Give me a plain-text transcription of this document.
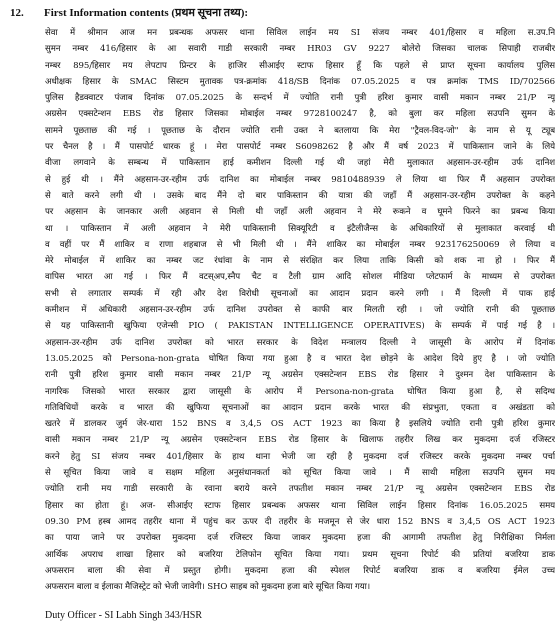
12.	First Information contents (प्रथम सूचना तथ्य):
सेवा में श्रीमान आज मन प्रबन्धक अफसर थाना सिविल लाईन मय SI संजय नम्बर 401/हिसार व महिला स.उप.नि
सुमन नम्बर 416/हिसार के आ सवारी गाडी सरकारी नम्बर HR03 GV 9227 बोलेरो जिसका चालक सिपाही राजबीर
नम्बर 895/हिसार मय लेपटाप प्रिन्टर के हाजिर सीआईए स्टाफ हिसार हूँ कि पहले से प्राप्त सूचना कार्यालय पुलिस
अधीक्षक हिसार के SMAC सिस्टम मुतावक पत्र-क्रमांक 418/SB दिनांक 07.05.2025 व पत्र क्रमांक TMS ID/702566
पुलिस हैडक्वाटर पंजाब दिनांक 07.05.2025 के सन्दर्भ में ज्योति रानी पुत्री हरिश कुमार वासी मकान नम्बर 21/P न्यू
अग्रसेन एक्सटेन्शन EBS रोड हिसार जिसका मोबाईल नम्बर 9728100247 है, को बुला कर महिला सउपनि सुमन के
सामने पूछताछ की गई । पूछताछ के दौरान ज्योति रानी उक्त ने बतलाया कि मेरा "ट्रैवल-विद-जो" के नाम से यू ट्यूब
पर चैनल है । मैं पासपोर्ट धारक हूं । मेरा पासपोर्ट नम्बर S6098262 है और मैं वर्ष 2023 में पाकिस्तान जाने के लिये
वीजा लगवाने के सम्बन्ध में पाकिस्तान हाई कमीशन दिल्ली गई थी जहां मेरी मुलाकात अहसान-उर-रहीम उर्फ दानिश
से हुई थी । मैंने अहसान-उर-रहीम उर्फ दानिश का मोबाईल नम्बर 9810488939 ले लिया था फिर मैं अहसान उपरोक्त
से बाते करने लगी थी । उसके बाद मैंने दो बार पाकिस्तान की यात्रा की जहाँ मैं अहसान-उर-रहीम उपरोक्त के कहने
पर अहसान के जानकार अली अहवान से मिली थी जहाँ अली अहवान ने मेरे रूकने व घूमने फिरने का प्रबन्ध किया
था । पाकिस्तान में अली अहवान ने मेरी पाकिस्तानी सिक्यूरिटी व इंटैलीजैन्स के अधिकारियों से मुलाकात करवाई थी
व वहीं पर मैं शाकिर व राणा शहबाज से भी मिली थी । मैंने शाकिर का मोबाईल नम्बर 923176250069 ले लिया व
मेरे मोबाईल में शाकिर का नम्बर जट रंधांवा के नाम से संरक्षित कर लिया ताकि किसी को शक ना हो । फिर मैं
वापिस भारत आ गई । फिर मैं वटस्अप,स्नैप चैट व टैली ग्राम आदि सोशल मीडिया प्लेटफार्म के माध्यम से उपरोक्त
सभी से लगातार सम्पर्क में रही और देश विरोधी सूचनाओं का आदान प्रदान करने लगी । मैं दिल्ली में पाक हाई
कमीशन में अधिकारी अहसान-उर-रहीम उर्फ दानिश उपरोक्त से काफी बार मिलती रही । जो ज्योति रानी की पूछताछ
से यह पाकिस्तानी खुफिया एजेन्सी PIO ( PAKISTAN INTELLIGENCE OPERATIVES) के सम्पर्क में पाई गई है ।
अहसान-उर-रहीम उर्फ दानिश उपरोक्त को भारत सरकार के विदेश मन्त्रालय दिल्ली ने जासूसी के आरोप में दिनांक
13.05.2025 को Persona-non-grata घोषित किया गया हुआ है व भारत देश छोड़ने के आदेश दिये हुए है । जो ज्योति
रानी पुत्री हरिश कुमार वासी मकान नम्बर 21/P न्यू अग्रसेन एक्सटेन्शन EBS रोड हिसार ने दुश्मन देश पाकिस्तान के
नागरिक जिसको भारत सरकार द्वारा जासूसी के आरोप में Persona-non-grata घोषित किया हुआ है, से सदिग्ध
गतिविधियों करके व भारत की खुफिया सूचनाओं का आदान प्रदान करके भारत की संप्रभुता, एकता व अखंडता को
खतरे में डालकर जुर्म जेर-धारा 152 BNS व 3,4,5 OS ACT 1923 का किया है इसलिये ज्योति रानी पुत्री हरिश कुमार
वासी मकान नम्बर 21/P न्यू अग्रसेन एक्सटेन्शन EBS रोड हिसार के खिलाफ तहरीर लिख कर मुकदमा दर्ज रजिस्टर
करने हेतु SI संजय नम्बर 401/हिसार के हाथ थाना भेजी जा रही है मुकदमा दर्ज रजिस्टर करके मुकदमा नम्बर पर्चा
से सूचित किया जावे व सक्षम महिला अनुसंधानकर्ता को सूचित किया जावे । मैं साथी महिला सउपनि सुमन मय
ज्योति रानी मय गाडी सरकारी के रवाना बराये करने तफतीश मकान नम्बर 21/P न्यू अग्रसेन एक्सटेन्शन EBS रोड
हिसार का होता हूं। अज- सीआईए स्टाफ हिसार प्रबन्धक अफसर थाना सिविल लाईन हिसार दिनांक 16.05.2025 समय
09.30 PM हस्ब आमद तहरीर थाना में पहुंच कर ऊपर दी तहरीर के मजमून से जेर धारा 152 BNS व 3,4,5 OS ACT 1923
का पाया जाने पर उपरोक्त मुकदमा दर्ज रजिस्टर किया जाकर मुकदमा हजा की आगामी तफतीश हेतु निरीक्षिका निर्मला
आर्थिक अपराध शाखा हिसार को बजरिया टेलिफोन सूचित किया गया। प्रथम सूचना रिपोर्ट की प्रतियां बजरिया डाक
अफसरान बाला की सेवा में प्रस्तुत होगी। मुकदमा हजा की स्पेशल रिपोर्ट बजरिया डाक व बजरिया ईमेल उच्च
अफसरान बाला व ईलाका मैजिस्ट्रेट को भेजी जावेगी। SHO साहब को मुकदमा हजा बारे सूचित किया गया।
Duty Officer - SI Labh Singh 343/HSR
